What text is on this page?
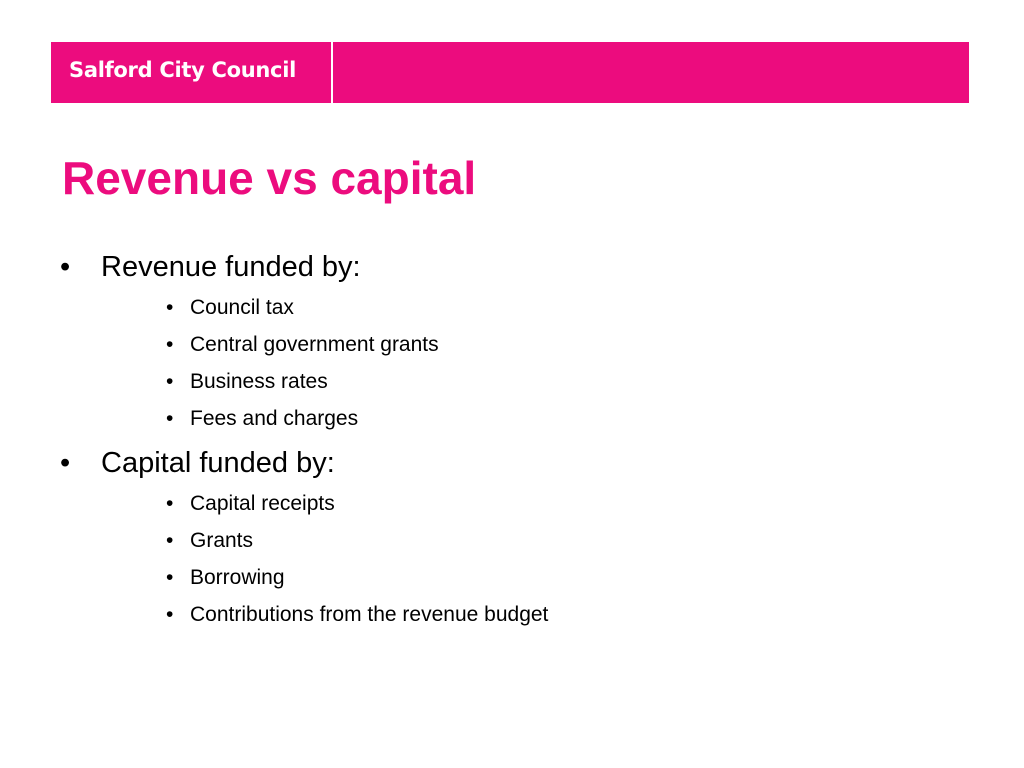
Salford City Council
Revenue vs capital
• Revenue funded by:
• Council tax
• Central government grants
• Business rates
• Fees and charges
• Capital funded by:
• Capital receipts
• Grants
• Borrowing
• Contributions from the revenue budget
